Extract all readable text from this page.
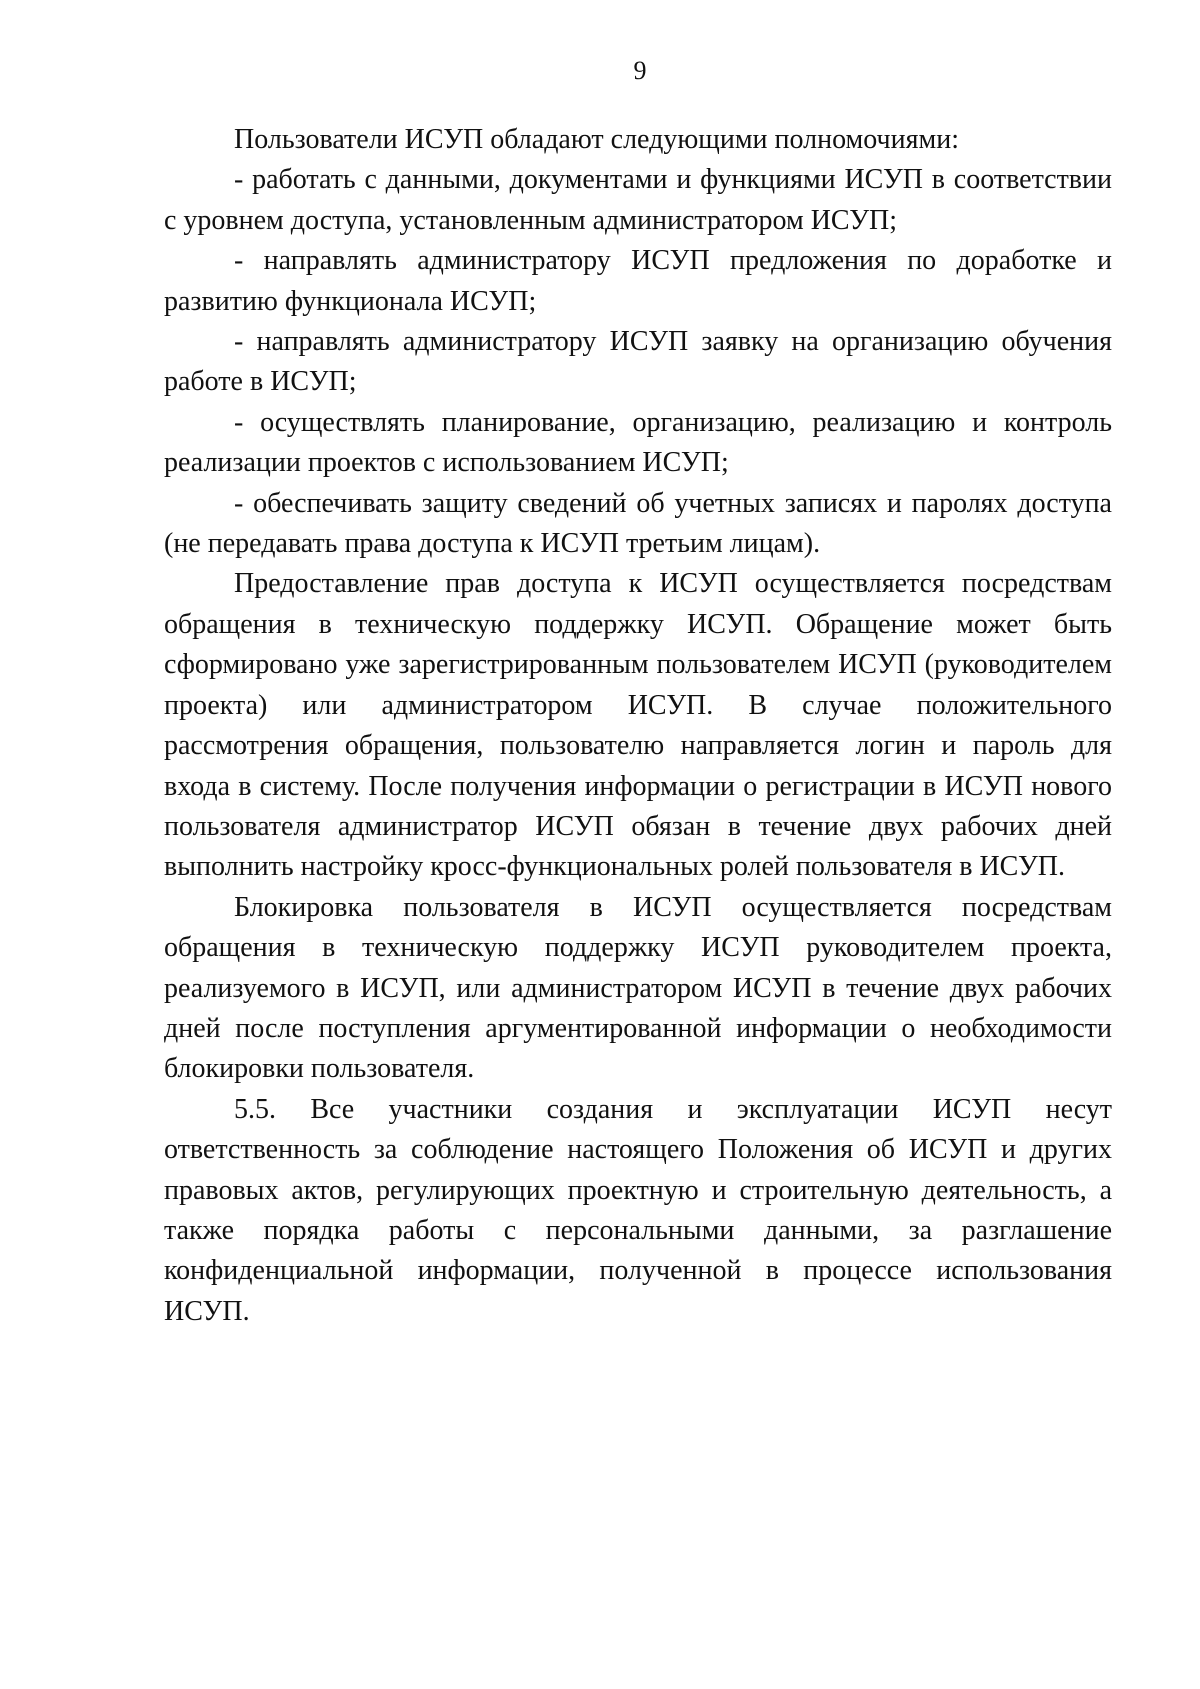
9

Пользователи ИСУП обладают следующими полномочиями:

- работать с данными, документами и функциями ИСУП в соответствии с уровнем доступа, установленным администратором ИСУП;

- направлять администратору ИСУП предложения по доработке и развитию функционала ИСУП;

- направлять администратору ИСУП заявку на организацию обучения работе в ИСУП;

- осуществлять планирование, организацию, реализацию и контроль реализации проектов с использованием ИСУП;

- обеспечивать защиту сведений об учетных записях и паролях доступа (не передавать права доступа к ИСУП третьим лицам).

Предоставление прав доступа к ИСУП осуществляется посредствам обращения в техническую поддержку ИСУП. Обращение может быть сформировано уже зарегистрированным пользователем ИСУП (руководителем проекта) или администратором ИСУП. В случае положительного рассмотрения обращения, пользователю направляется логин и пароль для входа в систему. После получения информации о регистрации в ИСУП нового пользователя администратор ИСУП обязан в течение двух рабочих дней выполнить настройку кросс-функциональных ролей пользователя в ИСУП.

Блокировка пользователя в ИСУП осуществляется посредствам обращения в техническую поддержку ИСУП руководителем проекта, реализуемого в ИСУП, или администратором ИСУП в течение двух рабочих дней после поступления аргументированной информации о необходимости блокировки пользователя.

5.5. Все участники создания и эксплуатации ИСУП несут ответственность за соблюдение настоящего Положения об ИСУП и других правовых актов, регулирующих проектную и строительную деятельность, а также порядка работы с персональными данными, за разглашение конфиденциальной информации, полученной в процессе использования ИСУП.
